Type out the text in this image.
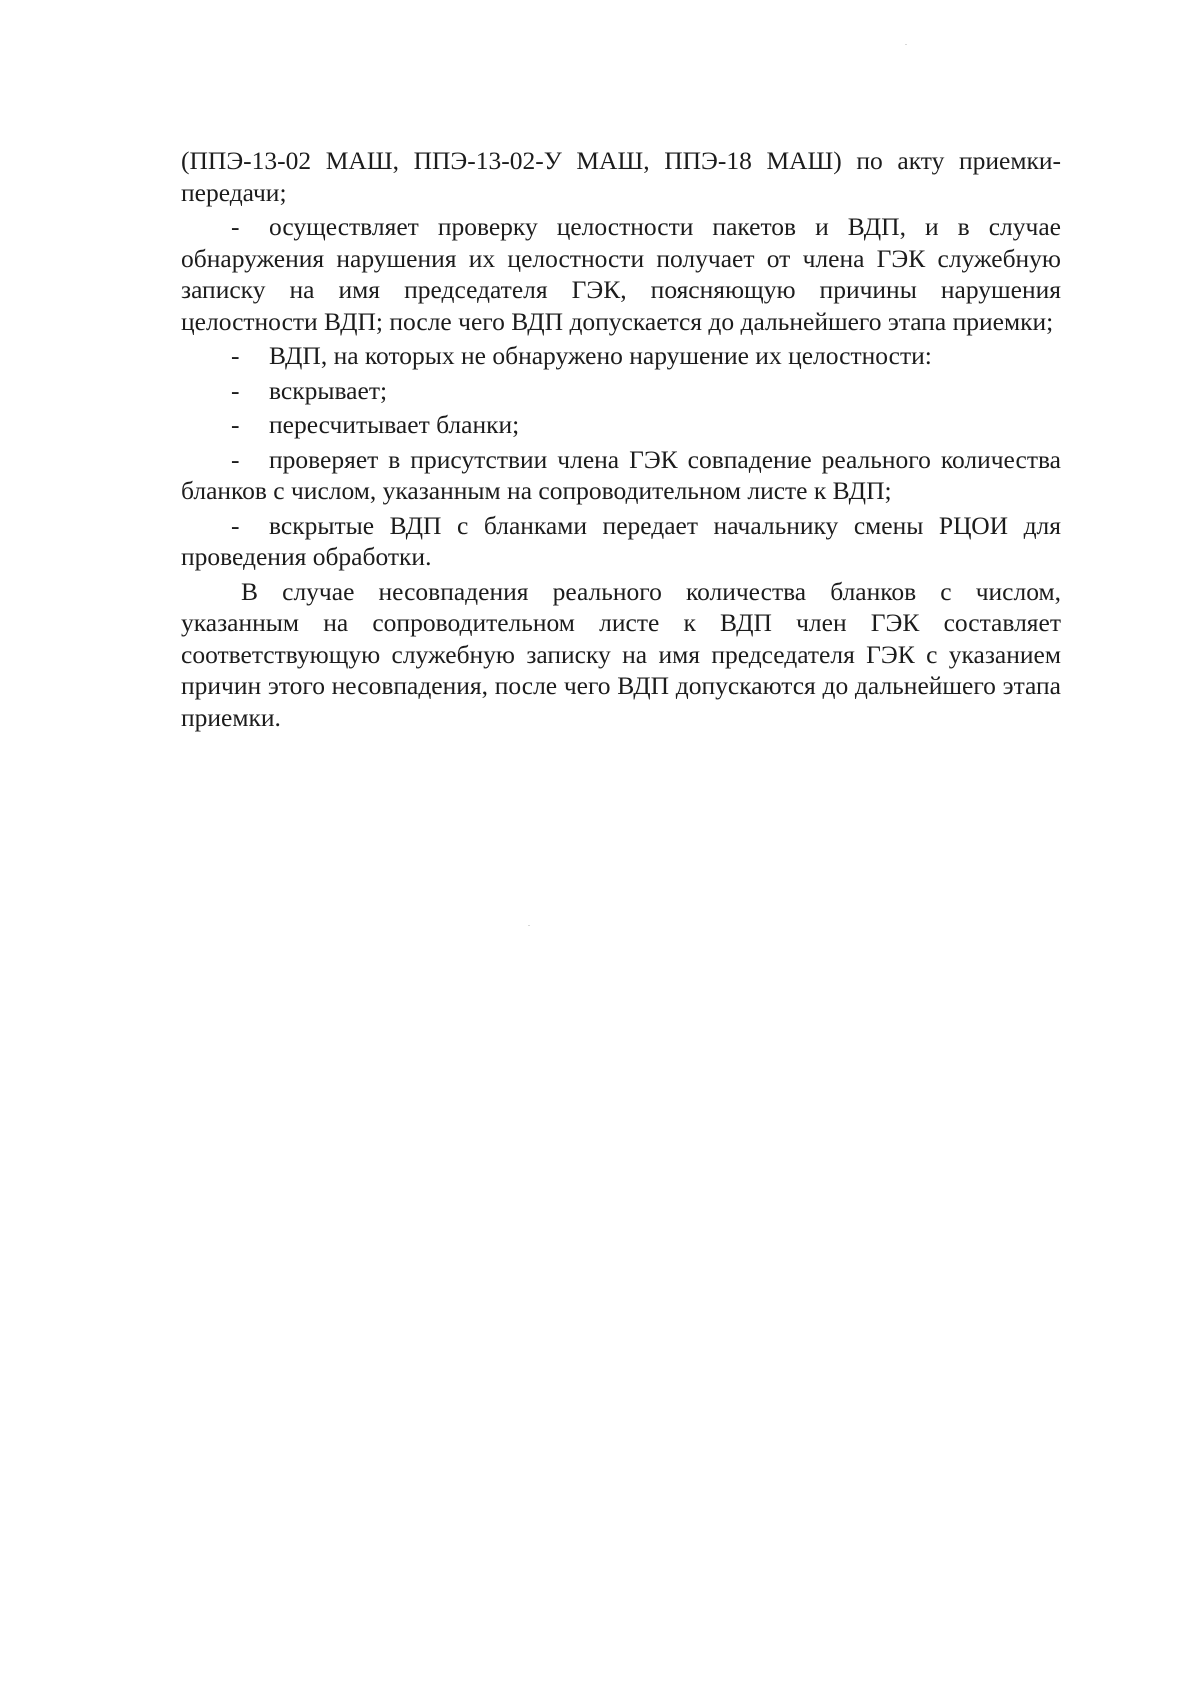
(ППЭ-13-02 МАШ, ППЭ-13-02-У МАШ, ППЭ-18 МАШ) по акту приемки-передачи;

- осуществляет проверку целостности пакетов и ВДП, и в случае обнаружения нарушения их целостности получает от члена ГЭК служебную записку на имя председателя ГЭК, поясняющую причины нарушения целостности ВДП; после чего ВДП допускается до дальнейшего этапа приемки;

- ВДП, на которых не обнаружено нарушение их целостности:

- вскрывает;

- пересчитывает бланки;

- проверяет в присутствии члена ГЭК совпадение реального количества бланков с числом, указанным на сопроводительном листе к ВДП;

- вскрытые ВДП с бланками передает начальнику смены РЦОИ для проведения обработки.

В случае несовпадения реального количества бланков с числом, указанным на сопроводительном листе к ВДП член ГЭК составляет соответствующую служебную записку на имя председателя ГЭК с указанием причин этого несовпадения, после чего ВДП допускаются до дальнейшего этапа приемки.
